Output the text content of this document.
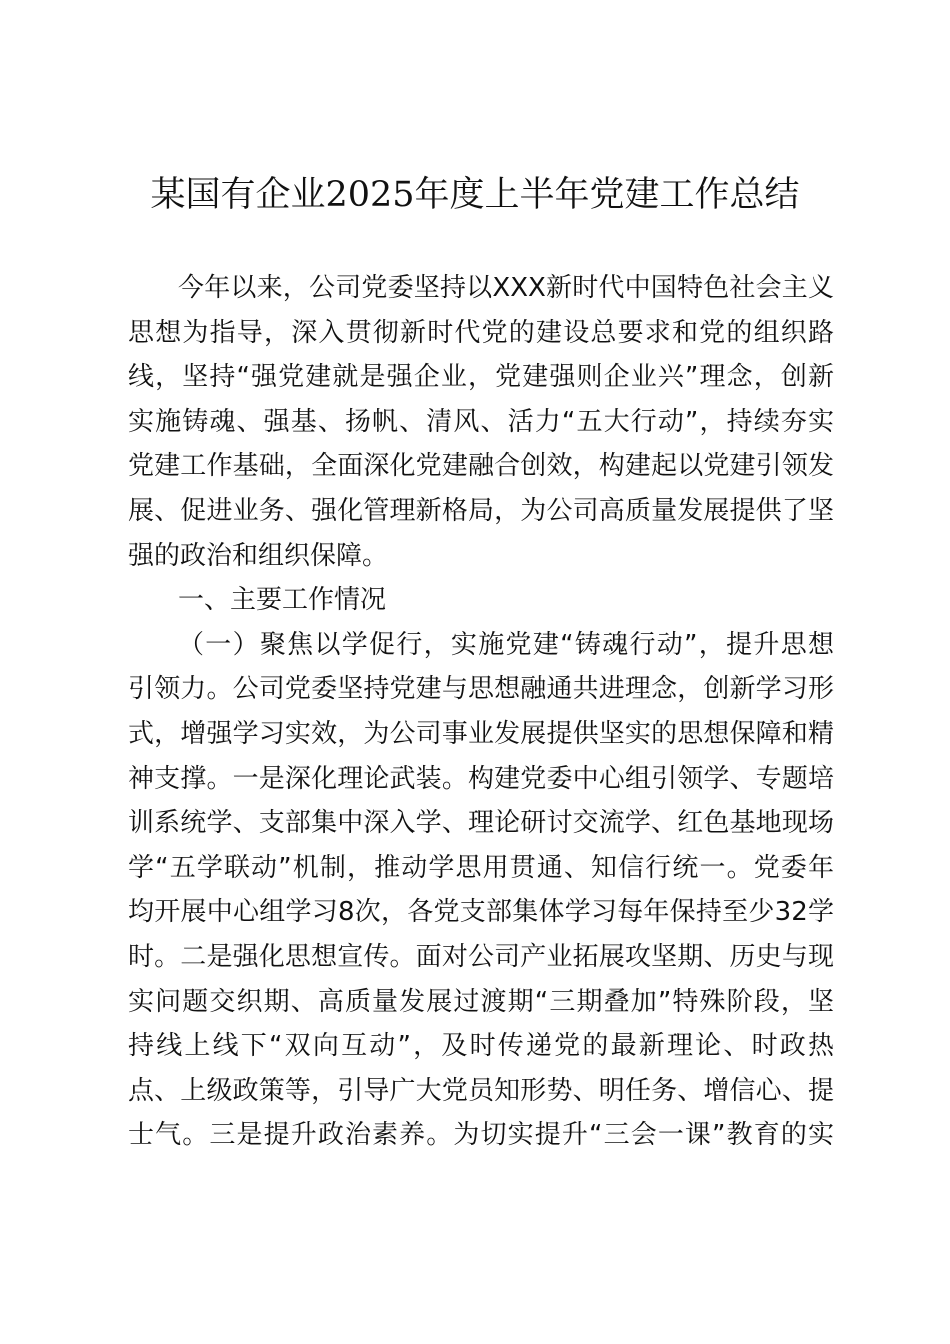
某国有企业2025年度上半年党建工作总结
今年以来，公司党委坚持以XXX新时代中国特色社会主义
思想为指导，深入贯彻新时代党的建设总要求和党的组织路
线，坚持“强党建就是强企业，党建强则企业兴”理念，创新
实施铸魂、强基、扬帆、清风、活力“五大行动”，持续夯实
党建工作基础，全面深化党建融合创效，构建起以党建引领发
展、促进业务、强化管理新格局，为公司高质量发展提供了坚
强的政治和组织保障。
一、主要工作情况
（一）聚焦以学促行，实施党建“铸魂行动”，提升思想
引领力。公司党委坚持党建与思想融通共进理念，创新学习形
式，增强学习实效，为公司事业发展提供坚实的思想保障和精
神支撑。一是深化理论武装。构建党委中心组引领学、专题培
训系统学、支部集中深入学、理论研讨交流学、红色基地现场
学“五学联动”机制，推动学思用贯通、知信行统一。党委年
均开展中心组学习8次，各党支部集体学习每年保持至少32学
时。二是强化思想宣传。面对公司产业拓展攻坚期、历史与现
实问题交织期、高质量发展过渡期“三期叠加”特殊阶段，坚
持线上线下“双向互动”，及时传递党的最新理论、时政热
点、上级政策等，引导广大党员知形势、明任务、增信心、提
士气。三是提升政治素养。为切实提升“三会一课”教育的实
